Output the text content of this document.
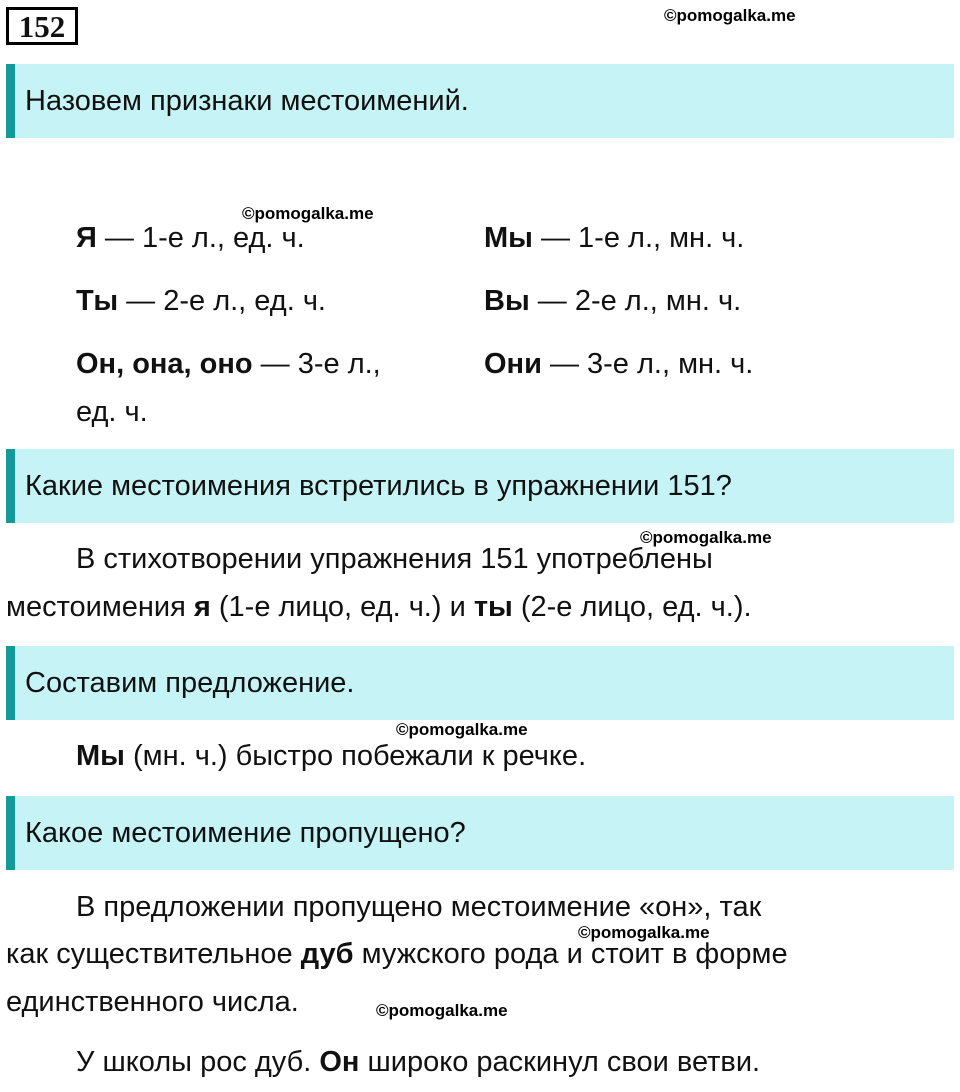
152	©pomogalka.me
Назовем признаки местоимений.
©pomogalka.me
Я — 1-е л., ед. ч.
Ты — 2-е л., ед. ч.
Он, она, оно — 3-е л.,
ед. ч.
Мы — 1-е л., мн. ч.
Вы — 2-е л., мн. ч.
Они — 3-е л., мн. ч.
Какие местоимения встретились в упражнении 151?
©pomogalka.me
В стихотворении упражнения 151 употреблены
местоимения я (1-е лицо, ед. ч.) и ты (2-е лицо, ед. ч.).
Составим предложение.
©pomogalka.me
Мы (мн. ч.) быстро побежали к речке.
Какое местоимение пропущено?
В предложении пропущено местоимение «он», так
©pomogalka.me
как существительное дуб мужского рода и стоит в форме
единственного числа.	©pomogalka.me
У школы рос дуб. Он широко раскинул свои ветви.
